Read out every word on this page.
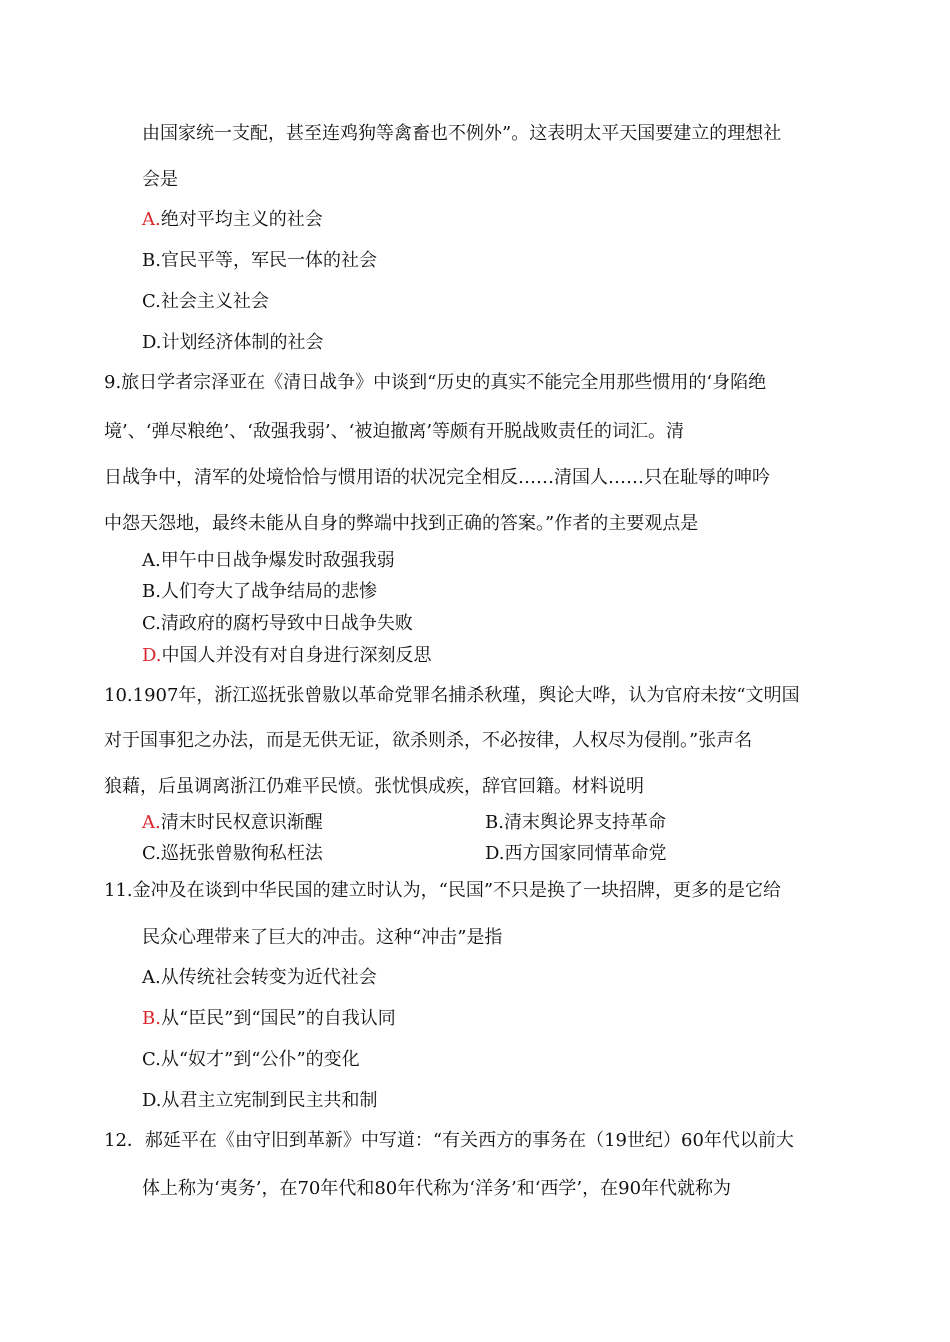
由国家统一支配，甚至连鸡狗等禽畜也不例外”。这表明太平天国要建立的理想社
会是
A.绝对平均主义的社会
B.官民平等，军民一体的社会
C.社会主义社会
D.计划经济体制的社会
9.旅日学者宗泽亚在《清日战争》中谈到“历史的真实不能完全用那些惯用的‘身陷绝
境’、‘弹尽粮绝’、‘敌强我弱’、‘被迫撤离’等颇有开脱战败责任的词汇。清
日战争中，清军的处境恰恰与惯用语的状况完全相反……清国人……只在耻辱的呻吟
中怨天怨地，最终未能从自身的弊端中找到正确的答案。”作者的主要观点是
A.甲午中日战争爆发时敌强我弱
B.人们夸大了战争结局的悲惨
C.清政府的腐朽导致中日战争失败
D.中国人并没有对自身进行深刻反思
10.1907年，浙江巡抚张曾敭以革命党罪名捕杀秋瑾，舆论大哗，认为官府未按“文明国
对于国事犯之办法，而是无供无证，欲杀则杀，不必按律，人权尽为侵削。”张声名
狼藉，后虽调离浙江仍难平民愤。张忧惧成疾，辞官回籍。材料说明
A.清末时民权意识渐醒	B.清末舆论界支持革命
C.巡抚张曾敭徇私枉法	D.西方国家同情革命党
11.金冲及在谈到中华民国的建立时认为，“民国”不只是换了一块招牌，更多的是它给
民众心理带来了巨大的冲击。这种“冲击”是指
A.从传统社会转变为近代社会
B.从“臣民”到“国民”的自我认同
C.从“奴才”到“公仆”的变化
D.从君主立宪制到民主共和制
12．郝延平在《由守旧到革新》中写道：“有关西方的事务在（19世纪）60年代以前大
体上称为‘夷务’，在70年代和80年代称为‘洋务’和‘西学’，在90年代就称为
